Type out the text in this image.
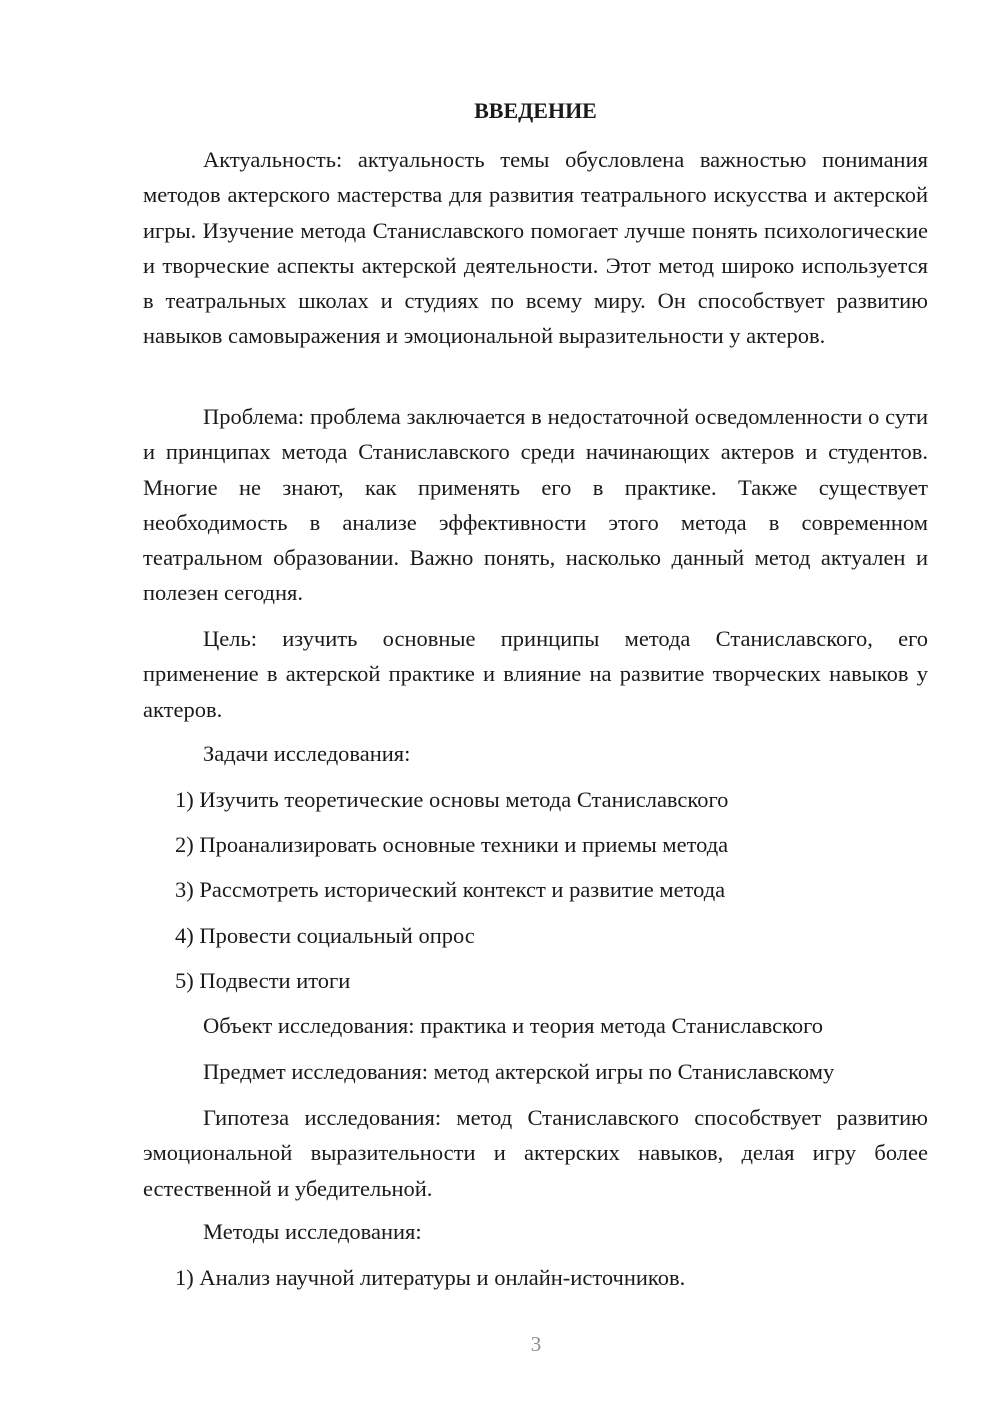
ВВЕДЕНИЕ

Актуальность: актуальность темы обусловлена важностью понимания методов актерского мастерства для развития театрального искусства и актерской игры. Изучение метода Станиславского помогает лучше понять психологические и творческие аспекты актерской деятельности. Этот метод широко используется в театральных школах и студиях по всему миру. Он способствует развитию навыков самовыражения и эмоциональной выразительности у актеров.

Проблема: проблема заключается в недостаточной осведомленности о сути и принципах метода Станиславского среди начинающих актеров и студентов. Многие не знают, как применять его в практике. Также существует необходимость в анализе эффективности этого метода в современном театральном образовании. Важно понять, насколько данный метод актуален и полезен сегодня.

Цель: изучить основные принципы метода Станиславского, его применение в актерской практике и влияние на развитие творческих навыков у актеров.

Задачи исследования:

1) Изучить теоретические основы метода Станиславского

2) Проанализировать основные техники и приемы метода

3) Рассмотреть исторический контекст и развитие метода

4) Провести социальный опрос

5) Подвести итоги

Объект исследования: практика и теория метода Станиславского

Предмет исследования: метод актерской игры по Станиславскому

Гипотеза исследования: метод Станиславского способствует развитию эмоциональной выразительности и актерских навыков, делая игру более естественной и убедительной.

Методы исследования:

1) Анализ научной литературы и онлайн-источников.

3
